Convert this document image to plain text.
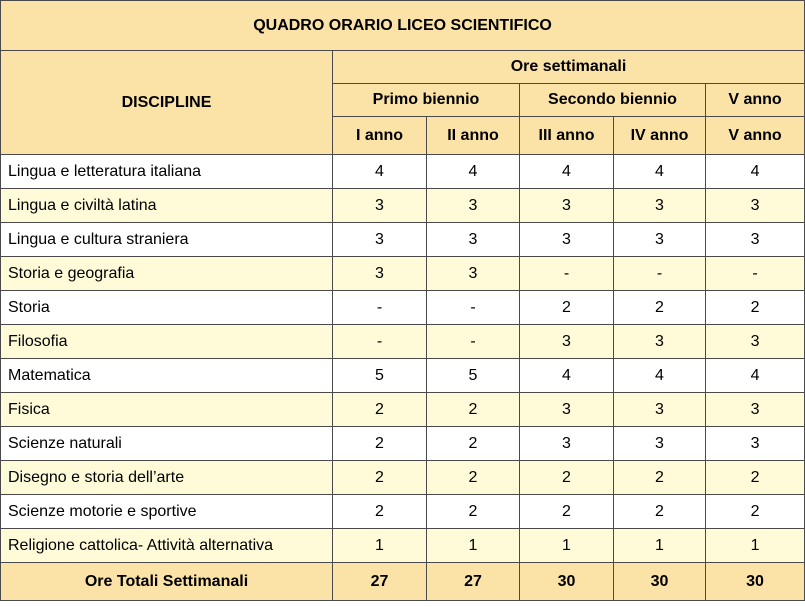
QUADRO ORARIO LICEO SCIENTIFICO					
DISCIPLINE	Ore settimanali				
	Primo biennio		Secondo biennio		V anno
	I anno	II anno	III anno	IV anno	V anno
Lingua e letteratura italiana	4	4	4	4	4
Lingua e civiltà latina	3	3	3	3	3
Lingua e cultura straniera	3	3	3	3	3
Storia e geografia	3	3	-	-	-
Storia	-	-	2	2	2
Filosofia	-	-	3	3	3
Matematica	5	5	4	4	4
Fisica	2	2	3	3	3
Scienze naturali	2	2	3	3	3
Disegno e storia dell’arte	2	2	2	2	2
Scienze motorie e sportive	2	2	2	2	2
Religione cattolica- Attività alternativa	1	1	1	1	1
Ore Totali Settimanali	27	27	30	30	30
